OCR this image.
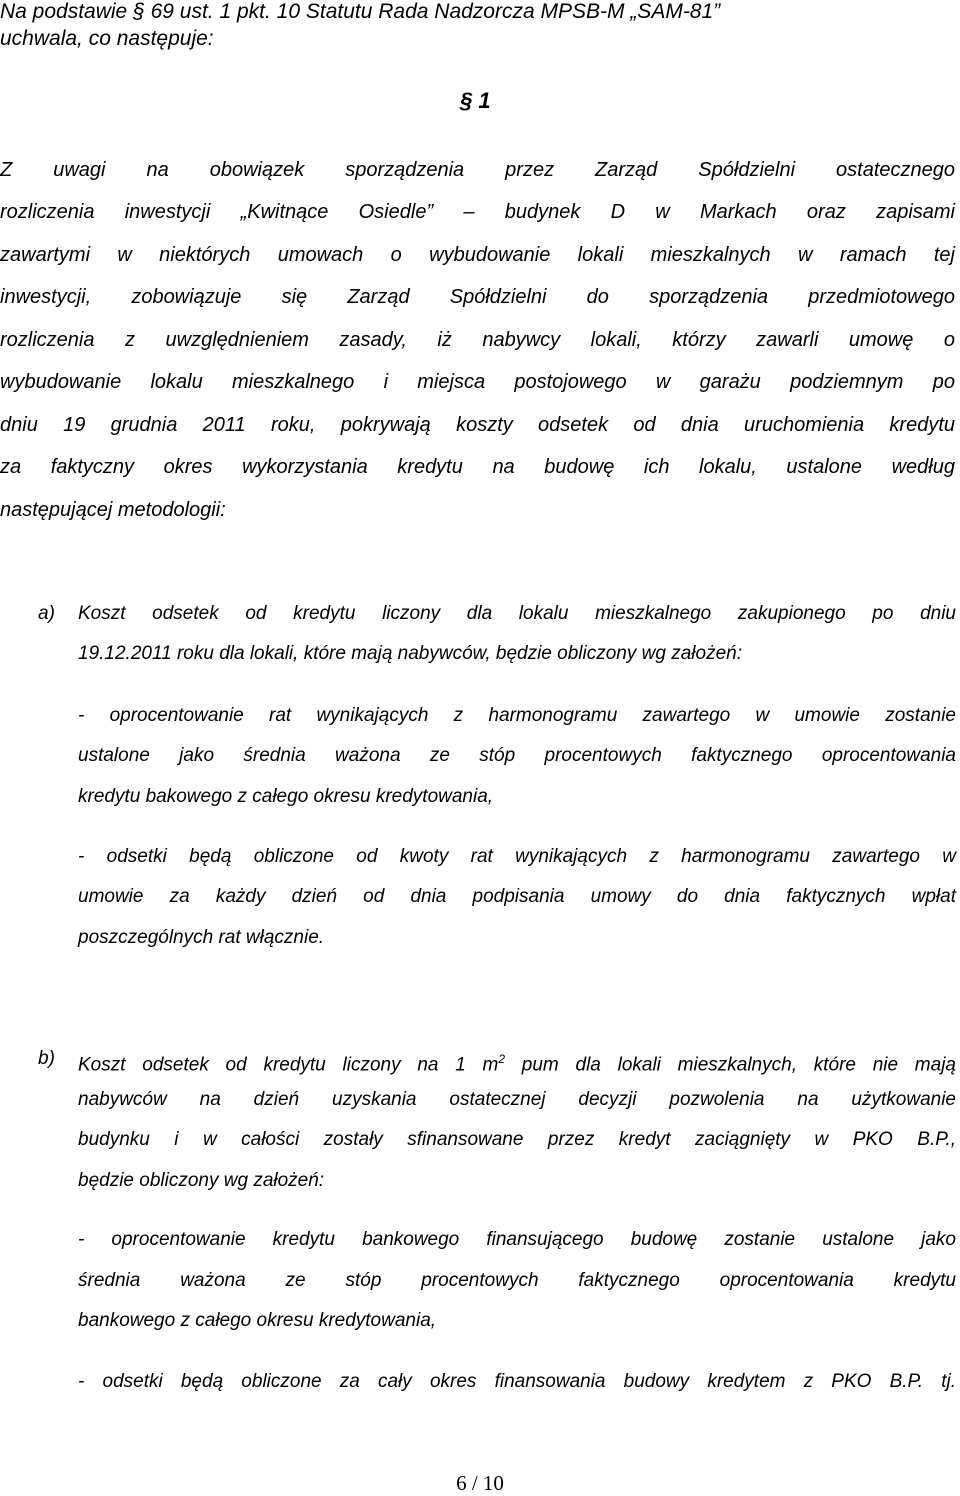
Na podstawie § 69 ust. 1 pkt. 10 Statutu Rada Nadzorcza MPSB-M „SAM-81”
uchwala, co następuje:
§ 1
Z uwagi na obowiązek sporządzenia przez Zarząd Spółdzielni ostatecznego
rozliczenia inwestycji „Kwitnące Osiedle” – budynek D w Markach oraz zapisami
zawartymi w niektórych umowach o wybudowanie lokali mieszkalnych w ramach tej
inwestycji, zobowiązuje się Zarząd Spółdzielni do sporządzenia przedmiotowego
rozliczenia z uwzględnieniem zasady, iż nabywcy lokali, którzy zawarli umowę o
wybudowanie lokalu mieszkalnego i miejsca postojowego w garażu podziemnym po
dniu 19 grudnia 2011 roku, pokrywają koszty odsetek od dnia uruchomienia kredytu
za faktyczny okres wykorzystania kredytu na budowę ich lokalu, ustalone według
następującej metodologii:
a) Koszt odsetek od kredytu liczony dla lokalu mieszkalnego zakupionego po dniu
19.12.2011 roku dla lokali, które mają nabywców, będzie obliczony wg założeń:
- oprocentowanie rat wynikających z harmonogramu zawartego w umowie zostanie
ustalone jako średnia ważona ze stóp procentowych faktycznego oprocentowania
kredytu bakowego z całego okresu kredytowania,
- odsetki będą obliczone od kwoty rat wynikających z harmonogramu zawartego w
umowie za każdy dzień od dnia podpisania umowy do dnia faktycznych wpłat
poszczególnych rat włącznie.
b) Koszt odsetek od kredytu liczony na 1 $m^2$ pum dla lokali mieszkalnych, które nie mają
nabywców na dzień uzyskania ostatecznej decyzji pozwolenia na użytkowanie
budynku i w całości zostały sfinansowane przez kredyt zaciągnięty w PKO B.P.,
będzie obliczony wg założeń:
- oprocentowanie kredytu bankowego finansującego budowę zostanie ustalone jako
średnia ważona ze stóp procentowych faktycznego oprocentowania kredytu
bankowego z całego okresu kredytowania,
- odsetki będą obliczone za cały okres finansowania budowy kredytem z PKO B.P. tj.
6 / 10
